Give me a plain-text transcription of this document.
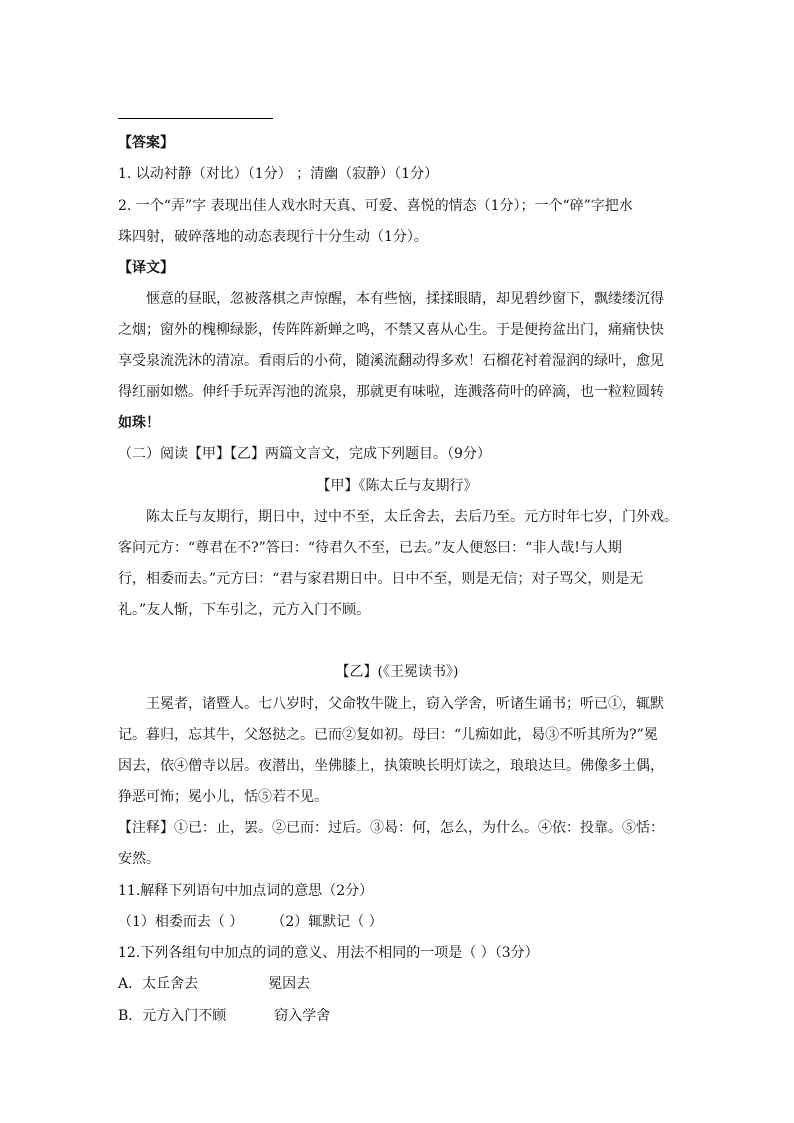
【答案】
1. 以动衬静（对比）（1分） ；清幽（寂静）（1分）
2. 一个“弄”字 表现出佳人戏水时天真、可爱、喜悦的情态（1分）；一个“碎”字把水
珠四射，破碎落地的动态表现行十分生动（1分）。
【译文】
惬意的昼眠，忽被落棋之声惊醒，本有些恼，揉揉眼睛，却见碧纱窗下，飘缕缕沉得
之烟；窗外的槐柳绿影，传阵阵新蝉之鸣，不禁又喜从心生。于是便挎盆出门，痛痛快快
享受泉流洗沐的清凉。看雨后的小荷，随溪流翻动得多欢！石榴花衬着湿润的绿叶，愈见
得红丽如燃。伸纤手玩弄泻池的流泉，那就更有味啦，连溅落荷叶的碎滴，也一粒粒圆转
如珠！
（二）阅读【甲】【乙】两篇文言文，完成下列题目。（9分）
【甲】《陈太丘与友期行》
陈太丘与友期行，期日中，过中不至，太丘舍去，去后乃至。元方时年七岁，门外戏。
客问元方：“尊君在不?”答曰：“待君久不至，已去。”友人便怒曰：“非人哉!与人期
行，相委而去。”元方曰：“君与家君期日中。日中不至，则是无信；对子骂父，则是无
礼。”友人惭，下车引之，元方入门不顾。
【乙】(《王冕读书》)
王冕者，诸暨人。七八岁时，父命牧牛陇上，窃入学舍，听诸生诵书；听已①，辄默
记。暮归，忘其牛，父怒挞之。已而②复如初。母曰：“儿痴如此，曷③不听其所为?”冕
因去，依④僧寺以居。夜潜出，坐佛膝上，执策映长明灯读之，琅琅达旦。佛像多土偶，
狰恶可怖；冕小儿，恬⑤若不见。
【注释】①已：止，罢。②已而：过后。③曷：何，怎么，为什么。④依：投靠。⑤恬：
安然。
11.解释下列语句中加点词的意思（2分）
（1）相委而去（ ） （2）辄默记（ ）
12.下列各组句中加点的词的意义、用法不相同的一项是（ ）（3分）
A．太丘舍去	冕因去
B．元方入门不顾	窃入学舍
